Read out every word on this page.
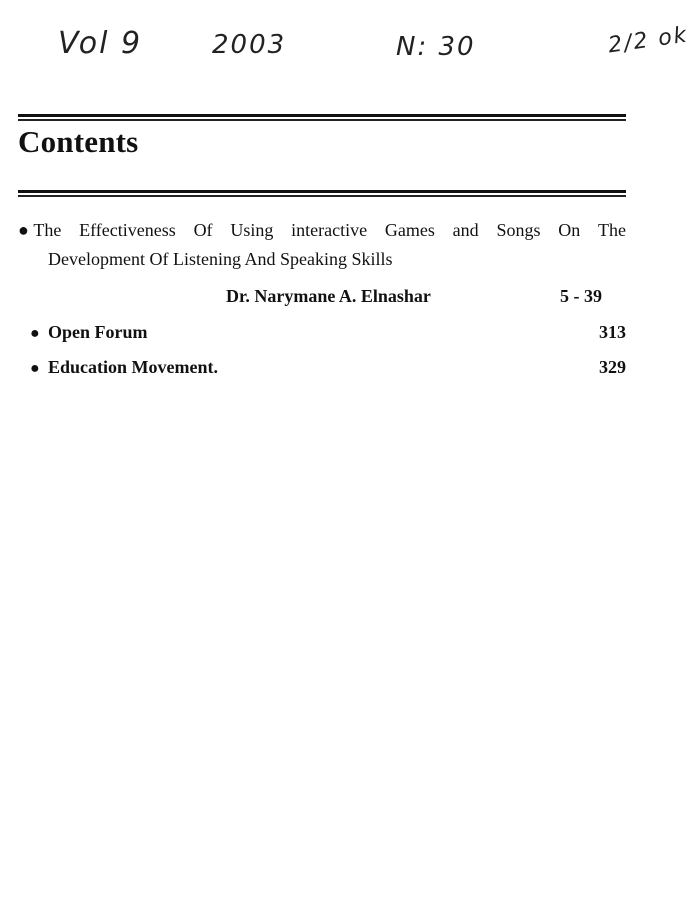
Vol 9	2003	N: 30	2/2 ok
Contents
● The Effectiveness Of Using interactive Games and Songs On The
Development Of Listening And Speaking Skills
Dr. Narymane A. Elnashar	5 - 39
● Open Forum	313
● Education Movement.	329
